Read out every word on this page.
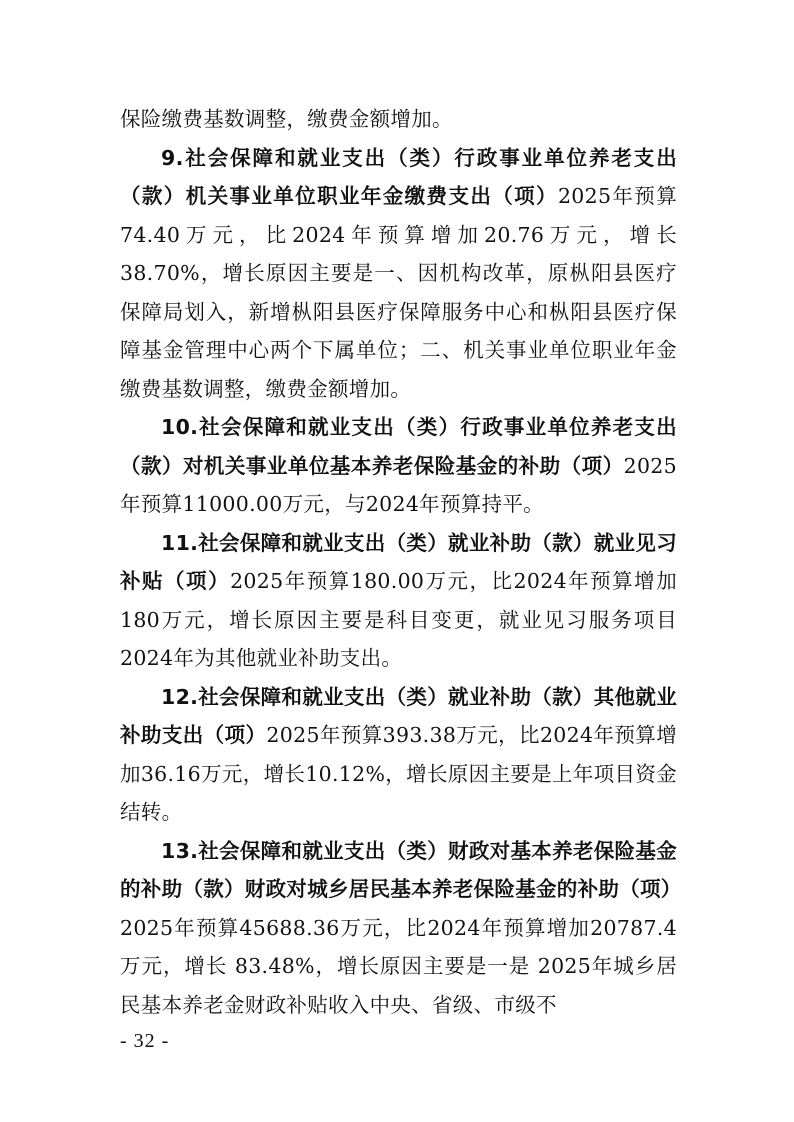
保险缴费基数调整，缴费金额增加。

9.社会保障和就业支出（类）行政事业单位养老支出（款）机关事业单位职业年金缴费支出（项）2025年预算74.40万元，比2024年预算增加20.76万元，增长38.70%，增长原因主要是一、因机构改革，原枞阳县医疗保障局划入，新增枞阳县医疗保障服务中心和枞阳县医疗保障基金管理中心两个下属单位；二、机关事业单位职业年金缴费基数调整，缴费金额增加。

10.社会保障和就业支出（类）行政事业单位养老支出（款）对机关事业单位基本养老保险基金的补助（项）2025年预算11000.00万元，与2024年预算持平。

11.社会保障和就业支出（类）就业补助（款）就业见习补贴（项）2025年预算180.00万元，比2024年预算增加180万元，增长原因主要是科目变更，就业见习服务项目2024年为其他就业补助支出。

12.社会保障和就业支出（类）就业补助（款）其他就业补助支出（项）2025年预算393.38万元，比2024年预算增加36.16万元，增长10.12%，增长原因主要是上年项目资金结转。

13.社会保障和就业支出（类）财政对基本养老保险基金的补助（款）财政对城乡居民基本养老保险基金的补助（项）2025年预算45688.36万元，比2024年预算增加20787.4 万元，增长 83.48%，增长原因主要是一是 2025年城乡居民基本养老金财政补贴收入中央、省级、市级不

- 32 -
